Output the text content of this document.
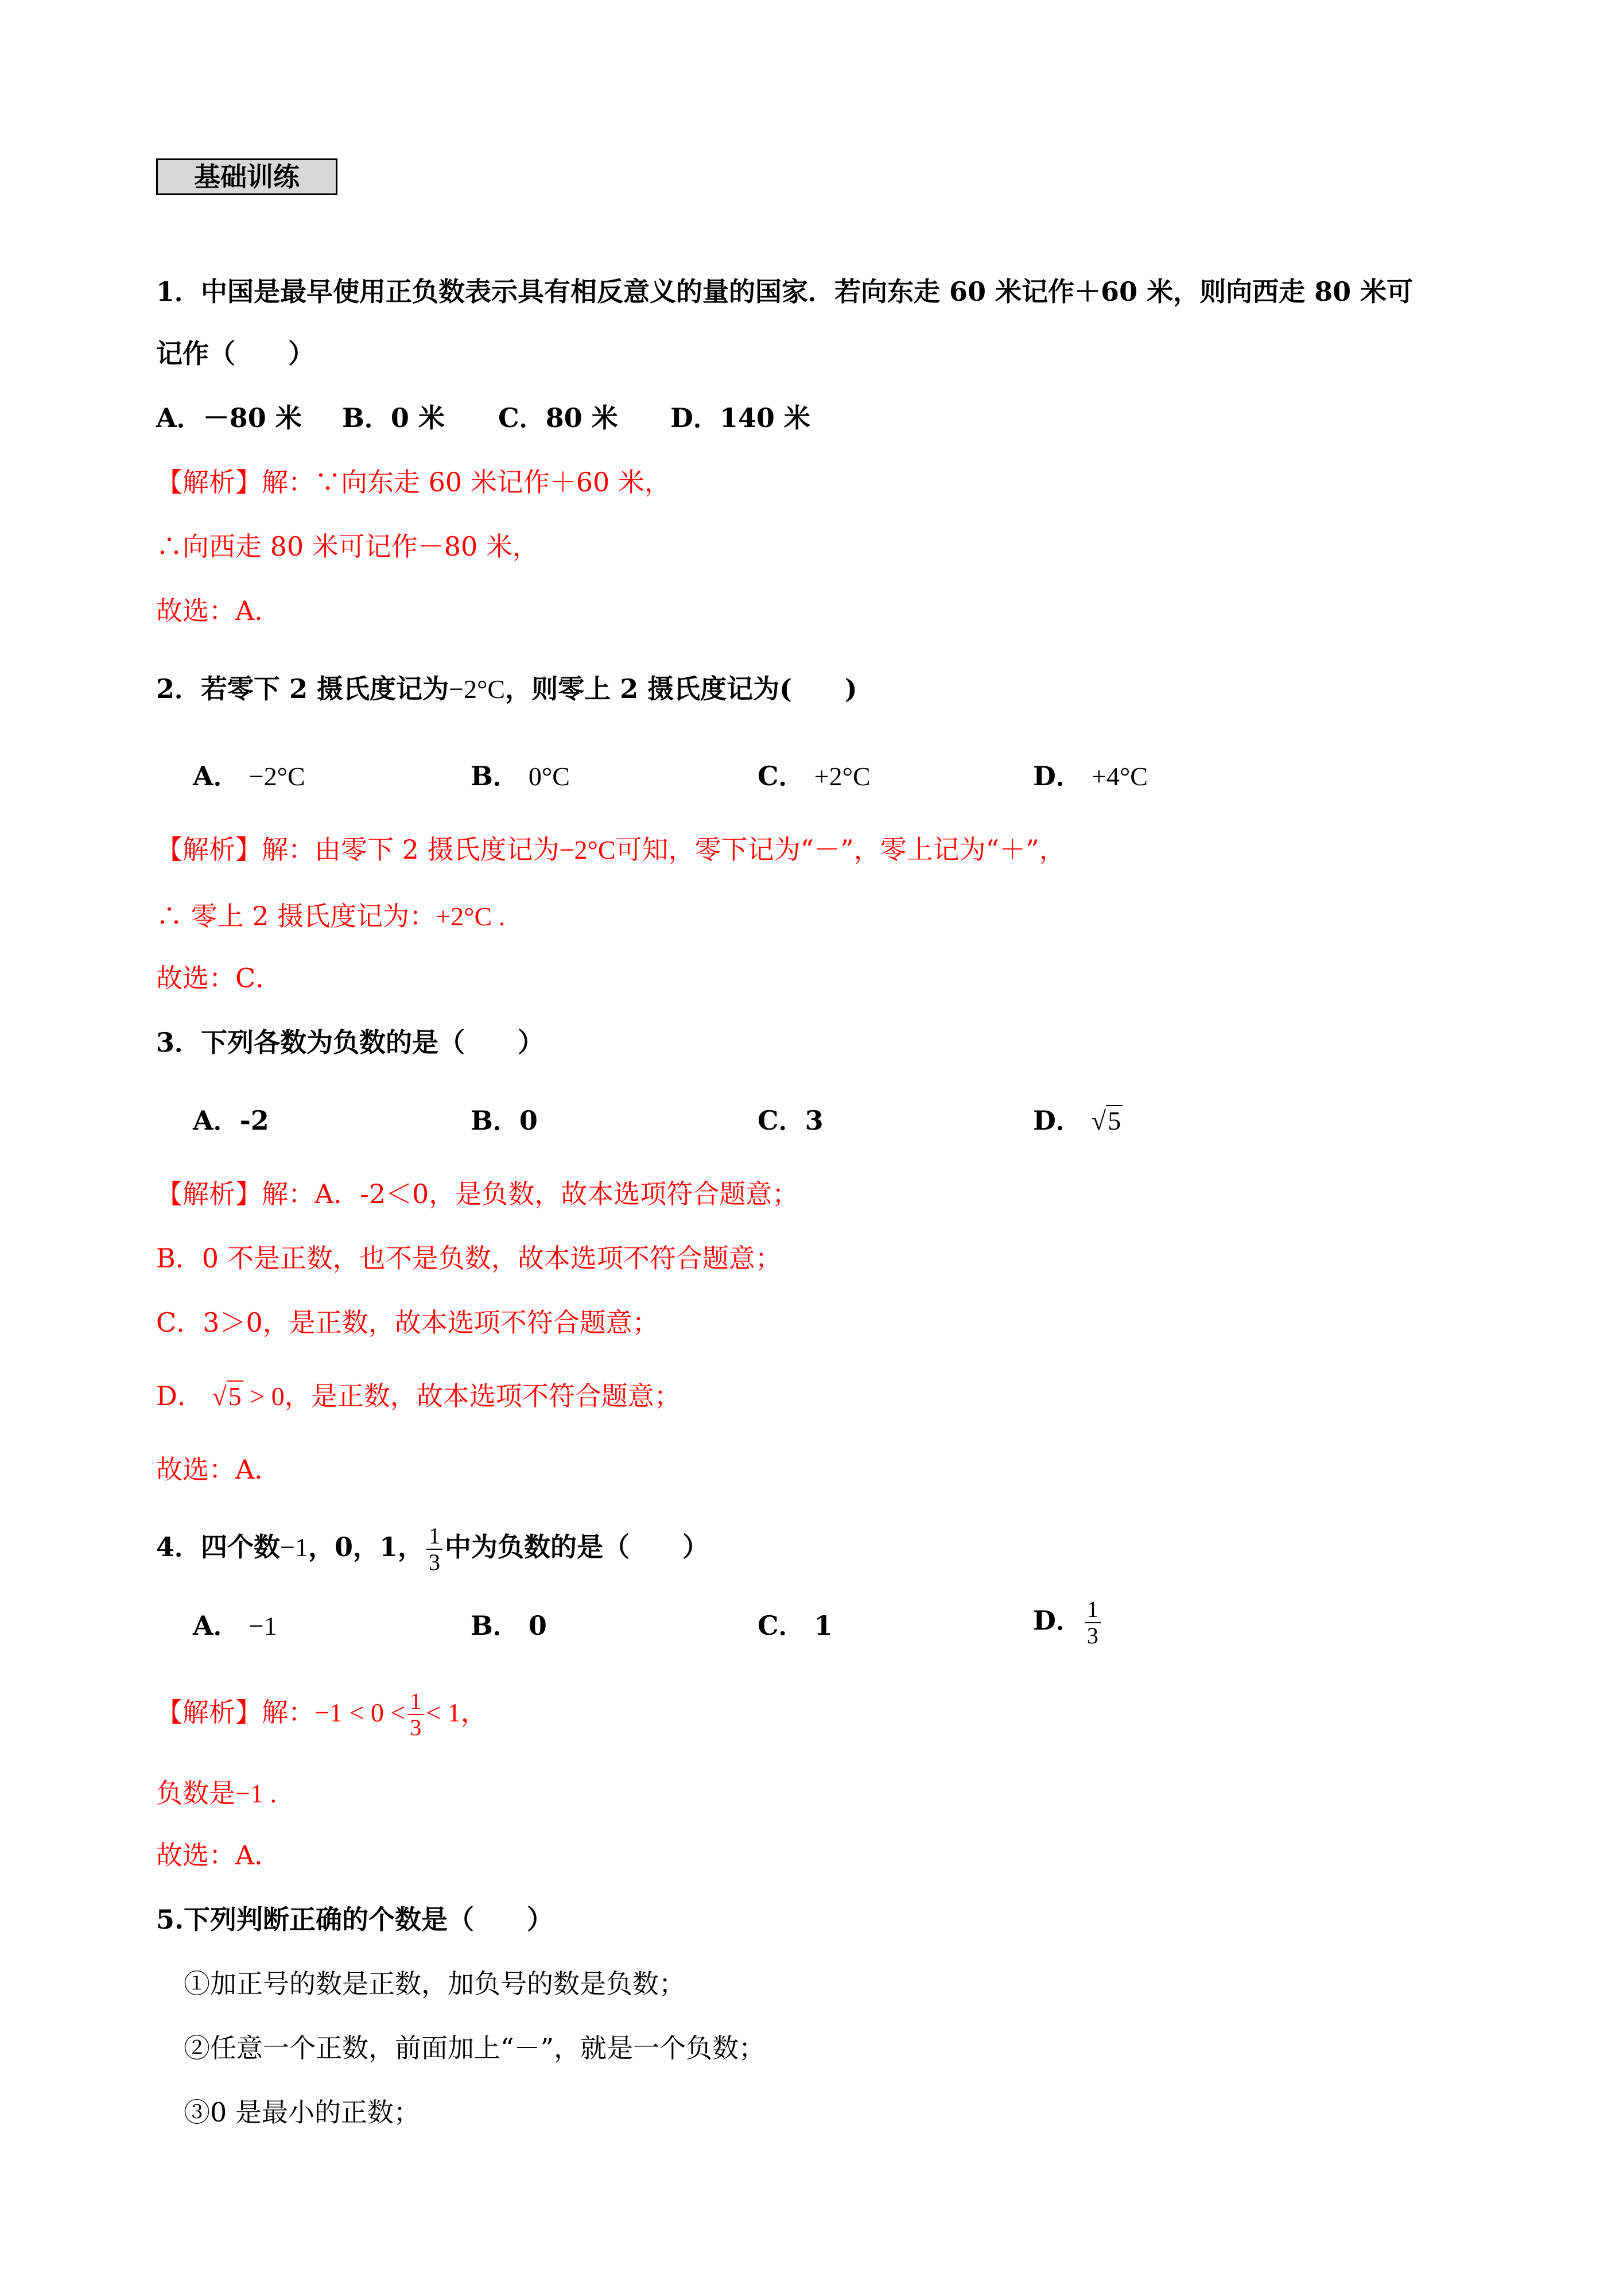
基础训练
1．中国是最早使用正负数表示具有相反意义的量的国家．若向东走 60 米记作＋60 米，则向西走 80 米可
记作（　　）
A．－80 米 B．0 米 C．80 米 D．140 米
【解析】解：∵向东走 60 米记作＋60 米，
∴向西走 80 米可记作－80 米，
故选：A．
2．若零下 2 摄氏度记为−2°C，则零上 2 摄氏度记为(　　)
A． −2°C	B． 0°C	C． +2°C	D． +4°C
【解析】解：由零下 2 摄氏度记为−2°C可知，零下记为“－”，零上记为“＋”，
∴ 零上 2 摄氏度记为：+2°C .
故选：C．
3．下列各数为负数的是（　　）
A．-2	B．0	C．3	D． √5
【解析】解：A．-2＜0，是负数，故本选项符合题意；
B．0 不是正数，也不是负数，故本选项不符合题意；
C．3＞0，是正数，故本选项不符合题意；
D． √5 > 0，是正数，故本选项不符合题意；
故选：A．
4．四个数−1，0，1， $\frac{1}{3}$ 中为负数的是（　　）
A． −1	B． 0	C． 1	D． $\frac{1}{3}$
【解析】解：$-1 < 0 < \frac{1}{3} < 1$，
负数是−1 .
故选：A．
5.下列判断正确的个数是（　　）
①加正号的数是正数，加负号的数是负数；
②任意一个正数，前面加上“－”，就是一个负数；
③0 是最小的正数；
